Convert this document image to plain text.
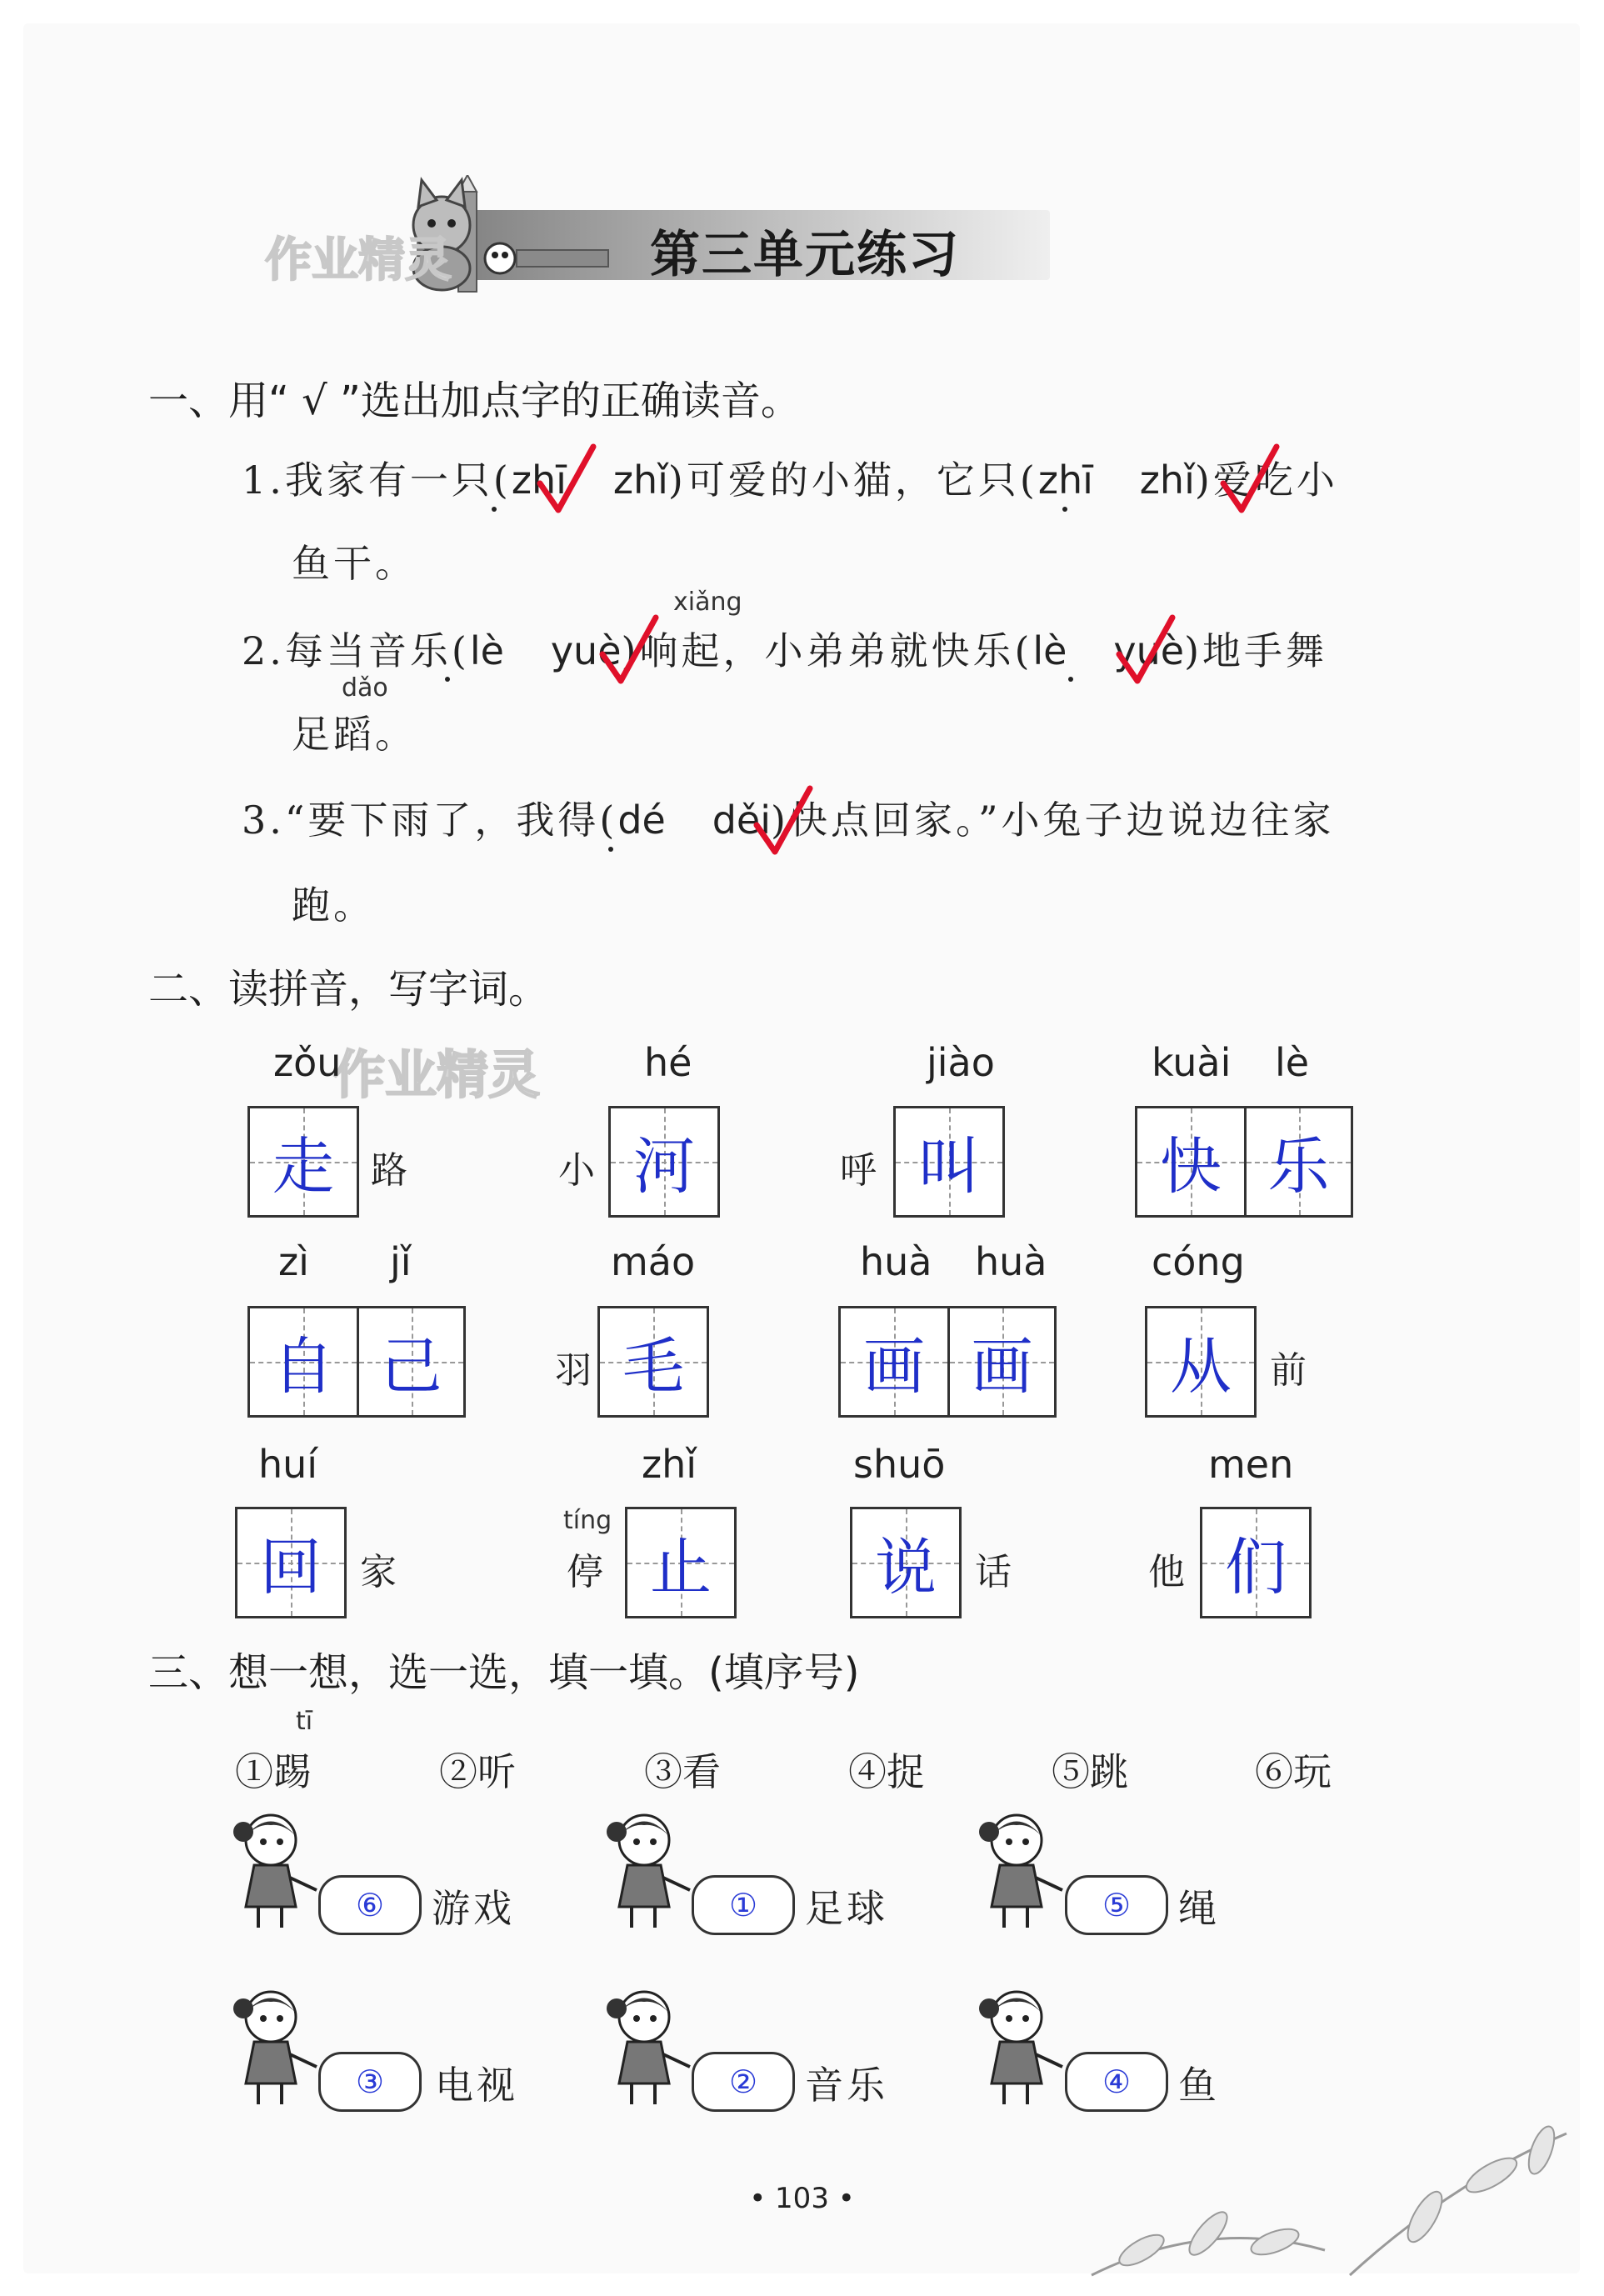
第三单元练习
作业精灵
一、用“ √ ”选出加点字的正确读音。
1.我家有一只(zhī zhǐ)可爱的小猫，它只(zhī zhǐ)爱吃小
鱼干。
xiǎng
2.每当音乐(lè yuè)响起，小弟弟就快乐(lè yuè)地手舞
dǎo
足蹈。
3.“要下雨了，我得(dé děi)快点回家。”小兔子边说边往家
跑。
二、读拼音，写字词。
作业精灵
zǒu
走	路
hé
小 河
jiào
呼 叫
kuài lè
快 乐
zì jǐ
自 己
máo
羽 毛
huà huà
画 画
cóng
从	前
huí
回	家
zhǐ
tíng
停 止
shuō
说	话
men
他 们
三、想一想，选一选，填一填。(填序号)
tī
①踢	②听	③看	④捉	⑤跳	⑥玩
⑥	游戏	①	足球	⑤	绳
③	电视	②	音乐	④	鱼
• 103 •
